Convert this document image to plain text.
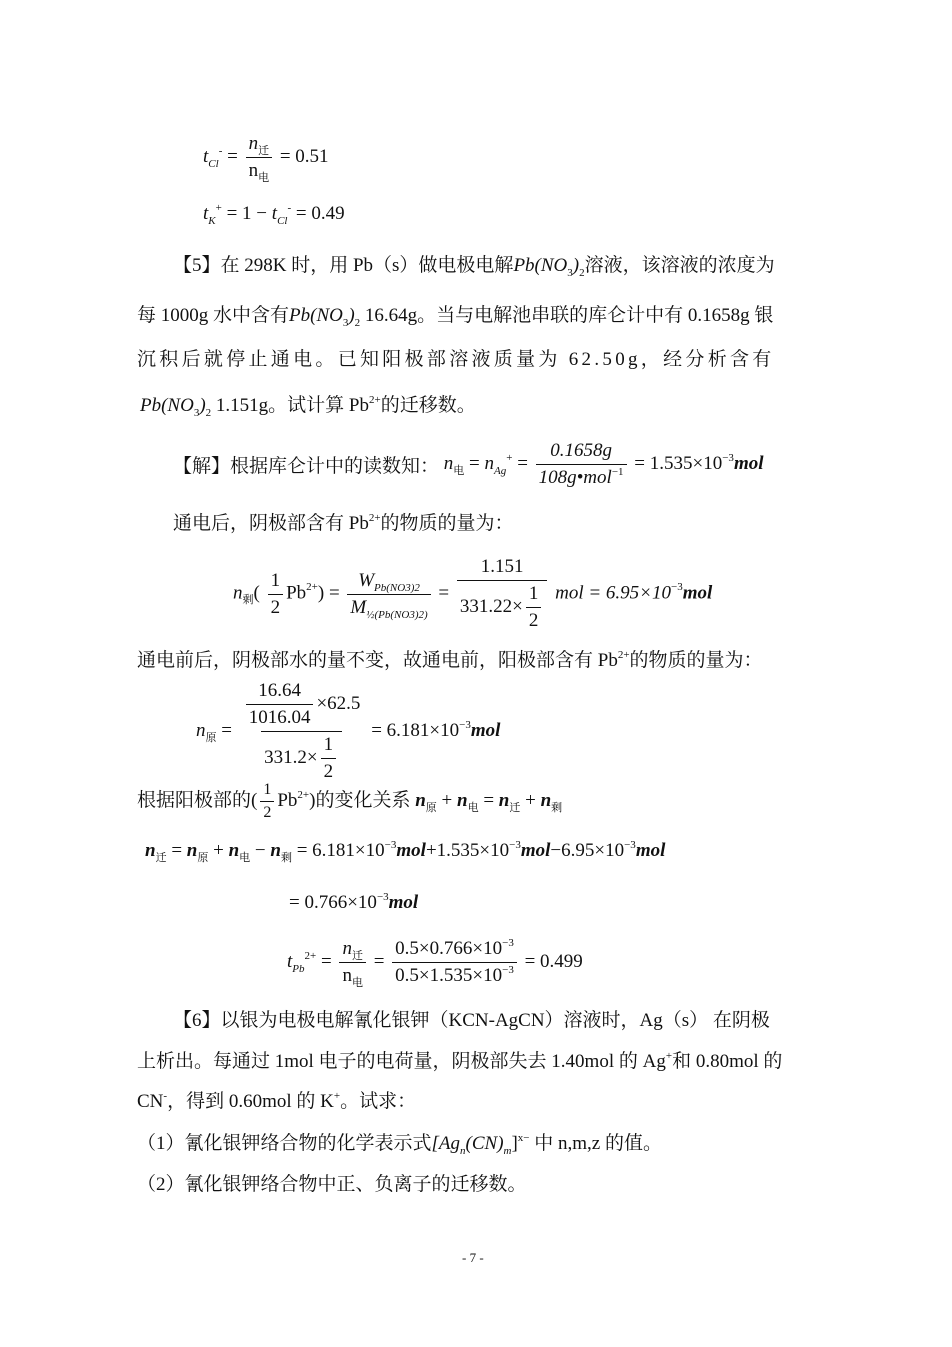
$t_{Cl}^- = \frac{n_迁}{n_电} = 0.51$
$t_K^+ = 1 - t_{Cl}^- = 0.49$
【5】在 298K 时，用 Pb（s）做电极电解$Pb(NO_3)_2$溶液，该溶液的浓度为
每 1000g 水中含有$Pb(NO_3)_2$ 16.64g。当与电解池串联的库仑计中有 0.1658g 银
沉积后就停止通电。已知阳极部溶液质量为 62.50g，经分析含有
$Pb(NO_3)_2$ 1.151g。试计算 $Pb^{2+}$的迁移数。
【解】根据库仑计中的读数知： $n_电 = n_{Ag}^+ = \frac{0.1658g}{108g•mol^{-1}} = 1.535\times 10^{-3}mol$
通电后，阴极部含有 $Pb^{2+}$的物质的量为：
$n_剩( \frac{1}{2} Pb^{2+}) = \frac{W_{Pb(NO3)2}}{M_{\frac{1}{2}(Pb(NO3)2)}} = \frac{1.151}{331.22\times \frac{1}{2}}$ mol = $6.95\times 10^{-3}mol$
通电前后，阴极部水的量不变，故通电前，阳极部含有 $Pb^{2+}$的物质的量为：
$n_原 = \frac{\frac{16.64}{1016.04} \times 62.5}{331.2\times \frac{1}{2}} = 6.181\times 10^{-3}mol$
根据阳极部的( $\frac{1}{2} Pb^{2+}$)的变化关系 $n_原 + n_电 = n_迁 + n_剩$
$n_迁 = n_原 + n_电 - n_剩 = 6.181\times 10^{-3}mol+1.535\times 10^{-3}mol-6.95\times 10^{-3}mol$
= $0.766\times 10^{-3}mol$
$t_{Pb}^{2+} = \frac{n_迁}{n_电} = \frac{0.5\times 0.766\times 10^{-3}}{0.5\times 1.535\times 10^{-3}} = 0.499$
【6】以银为电极电解氰化银钾（KCN-AgCN）溶液时，Ag（s） 在阴极
上析出。每通过 1mol 电子的电荷量，阴极部失去 1.40mol 的 Ag+和 0.80mol 的
CN-，得到 0.60mol 的 K+。试求：
（1）氰化银钾络合物的化学表示式$[Ag_n(CN)_m]^{x-}$ 中 n,m,z 的值。
（2）氰化银钾络合物中正、负离子的迁移数。
- 7 -
